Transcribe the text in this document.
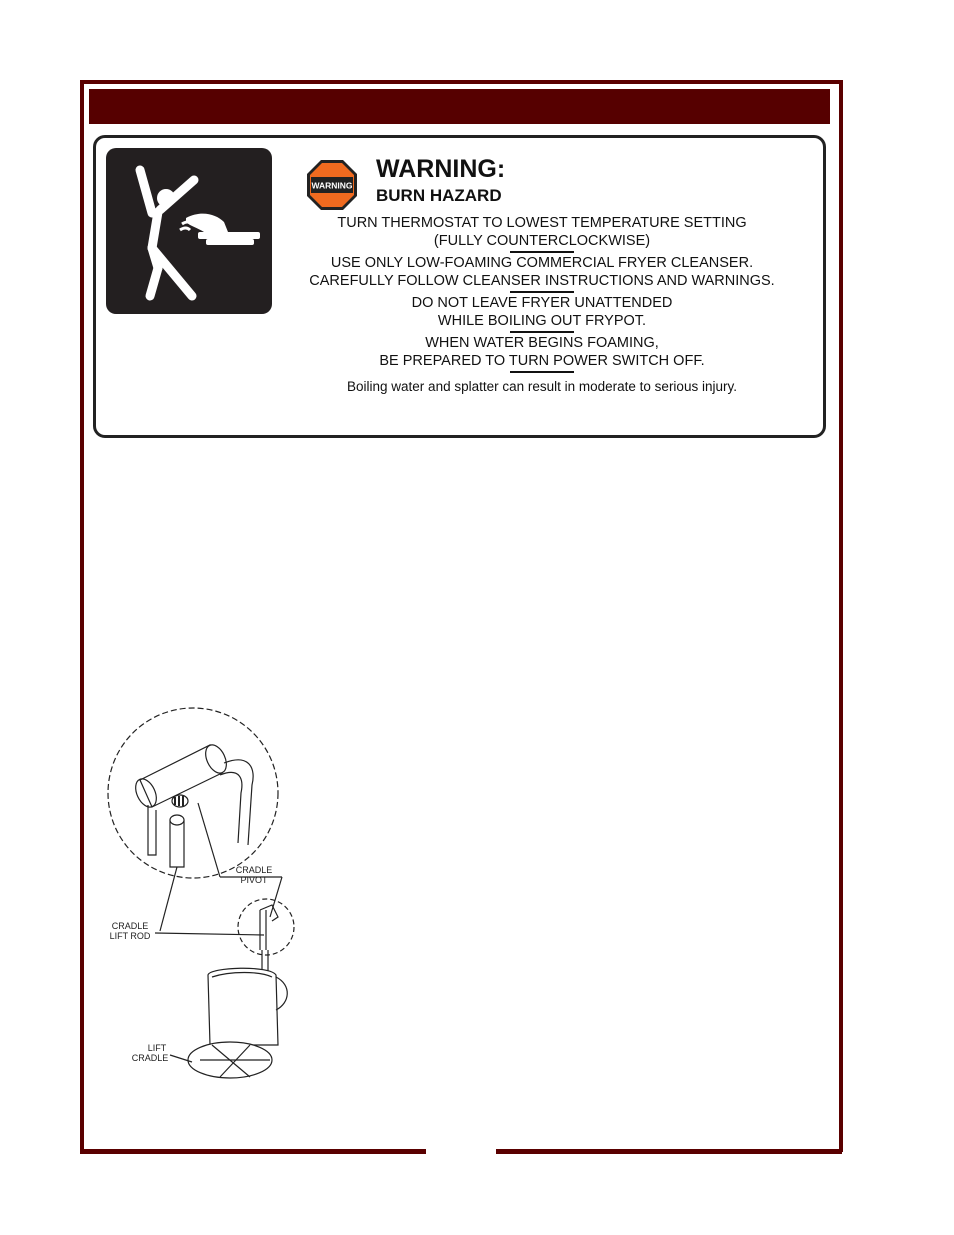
WARNING
WARNING:
BURN HAZARD
TURN THERMOSTAT TO LOWEST TEMPERATURE SETTING
(FULLY COUNTERCLOCKWISE)
USE ONLY LOW-FOAMING COMMERCIAL FRYER CLEANSER.
CAREFULLY FOLLOW CLEANSER INSTRUCTIONS AND WARNINGS.
DO NOT LEAVE FRYER UNATTENDED
WHILE BOILING OUT FRYPOT.
WHEN WATER BEGINS FOAMING,
BE PREPARED TO TURN POWER SWITCH OFF.
Boiling water and splatter can result in moderate to serious injury.
CRADLE
PIVOT
CRADLE
LIFT ROD
LIFT
CRADLE
